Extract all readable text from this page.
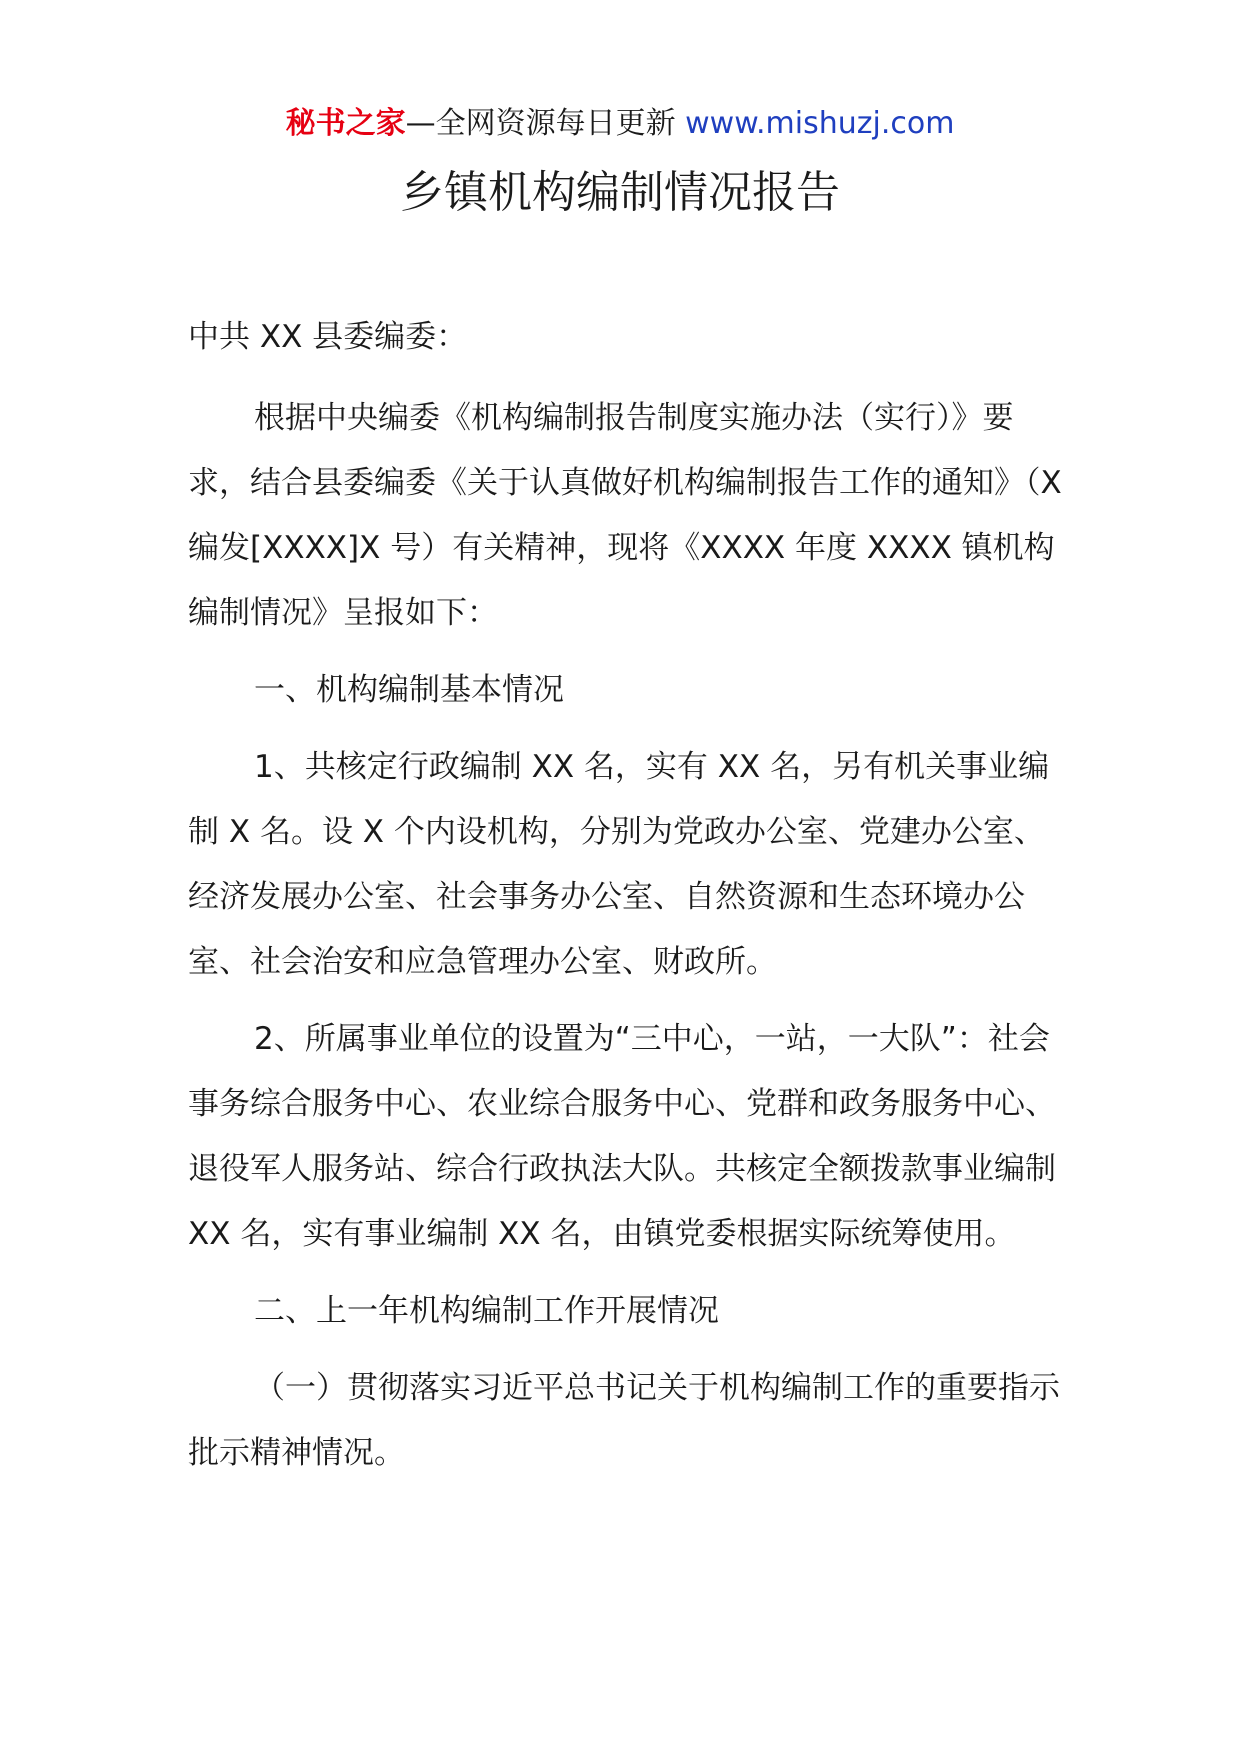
秘书之家—全网资源每日更新 www.mishuzj.com
乡镇机构编制情况报告

中共 XX 县委编委：

根据中央编委《机构编制报告制度实施办法（实行）》要求，结合县委编委《关于认真做好机构编制报告工作的通知》（X 编发[XXXX]X 号）有关精神，现将《XXXX 年度 XXXX 镇机构编制情况》呈报如下：

一、机构编制基本情况

1、共核定行政编制 XX 名，实有 XX 名，另有机关事业编制 X 名。设 X 个内设机构，分别为党政办公室、党建办公室、经济发展办公室、社会事务办公室、自然资源和生态环境办公室、社会治安和应急管理办公室、财政所。

2、所属事业单位的设置为“三中心，一站，一大队”：社会事务综合服务中心、农业综合服务中心、党群和政务服务中心、退役军人服务站、综合行政执法大队。共核定全额拨款事业编制 XX 名，实有事业编制 XX 名，由镇党委根据实际统筹使用。

二、上一年机构编制工作开展情况

（一）贯彻落实习近平总书记关于机构编制工作的重要指示批示精神情况。
